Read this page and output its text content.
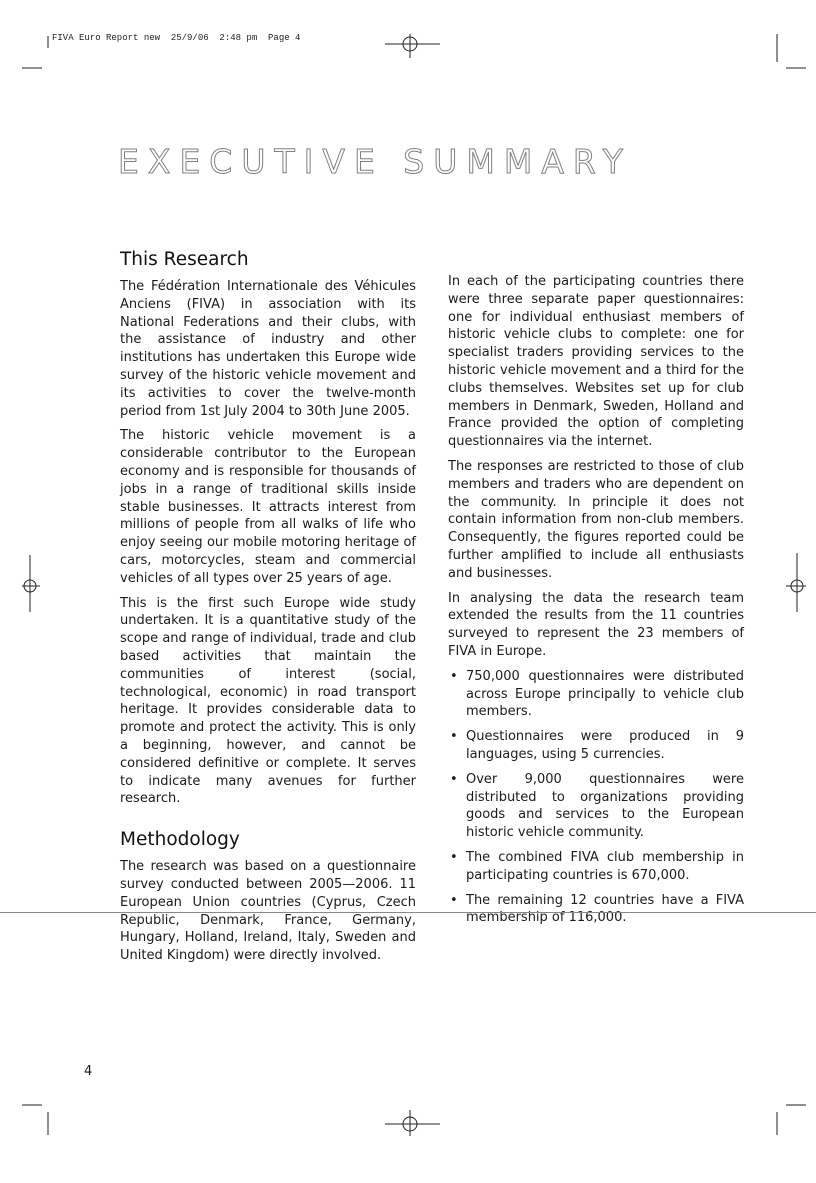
FIVA Euro Report new  25/9/06  2:48 pm  Page 4
EXECUTIVE SUMMARY
This Research

The Fédération Internationale des Véhicules Anciens (FIVA) in association with its National Federations and their clubs, with the assistance of industry and other institutions has undertaken this Europe wide survey of the historic vehicle movement and its activities to cover the twelve-month period from 1st July 2004 to 30th June 2005.

The historic vehicle movement is a considerable contributor to the European economy and is responsible for thousands of jobs in a range of traditional skills inside stable businesses. It attracts interest from millions of people from all walks of life who enjoy seeing our mobile motoring heritage of cars, motorcycles, steam and commercial vehicles of all types over 25 years of age.

This is the first such Europe wide study undertaken. It is a quantitative study of the scope and range of individual, trade and club based activities that maintain the communities of interest (social, technological, economic) in road transport heritage. It provides considerable data to promote and protect the activity. This is only a beginning, however, and cannot be considered definitive or complete. It serves to indicate many avenues for further research.

Methodology

The research was based on a questionnaire survey conducted between 2005—2006. 11 European Union countries (Cyprus, Czech Republic, Denmark, France, Germany, Hungary, Holland, Ireland, Italy, Sweden and United Kingdom) were directly involved.

In each of the participating countries there were three separate paper questionnaires: one for individual enthusiast members of historic vehicle clubs to complete: one for specialist traders providing services to the historic vehicle movement and a third for the clubs themselves. Websites set up for club members in Denmark, Sweden, Holland and France provided the option of completing questionnaires via the internet.

The responses are restricted to those of club members and traders who are dependent on the community. In principle it does not contain information from non-club members. Consequently, the figures reported could be further amplified to include all enthusiasts and businesses.

In analysing the data the research team extended the results from the 11 countries surveyed to represent the 23 members of FIVA in Europe.

• 750,000 questionnaires were distributed across Europe principally to vehicle club members.
• Questionnaires were produced in 9 languages, using 5 currencies.
• Over 9,000 questionnaires were distributed to organizations providing goods and services to the European historic vehicle community.
• The combined FIVA club membership in participating countries is 670,000.
• The remaining 12 countries have a FIVA membership of 116,000.
4
